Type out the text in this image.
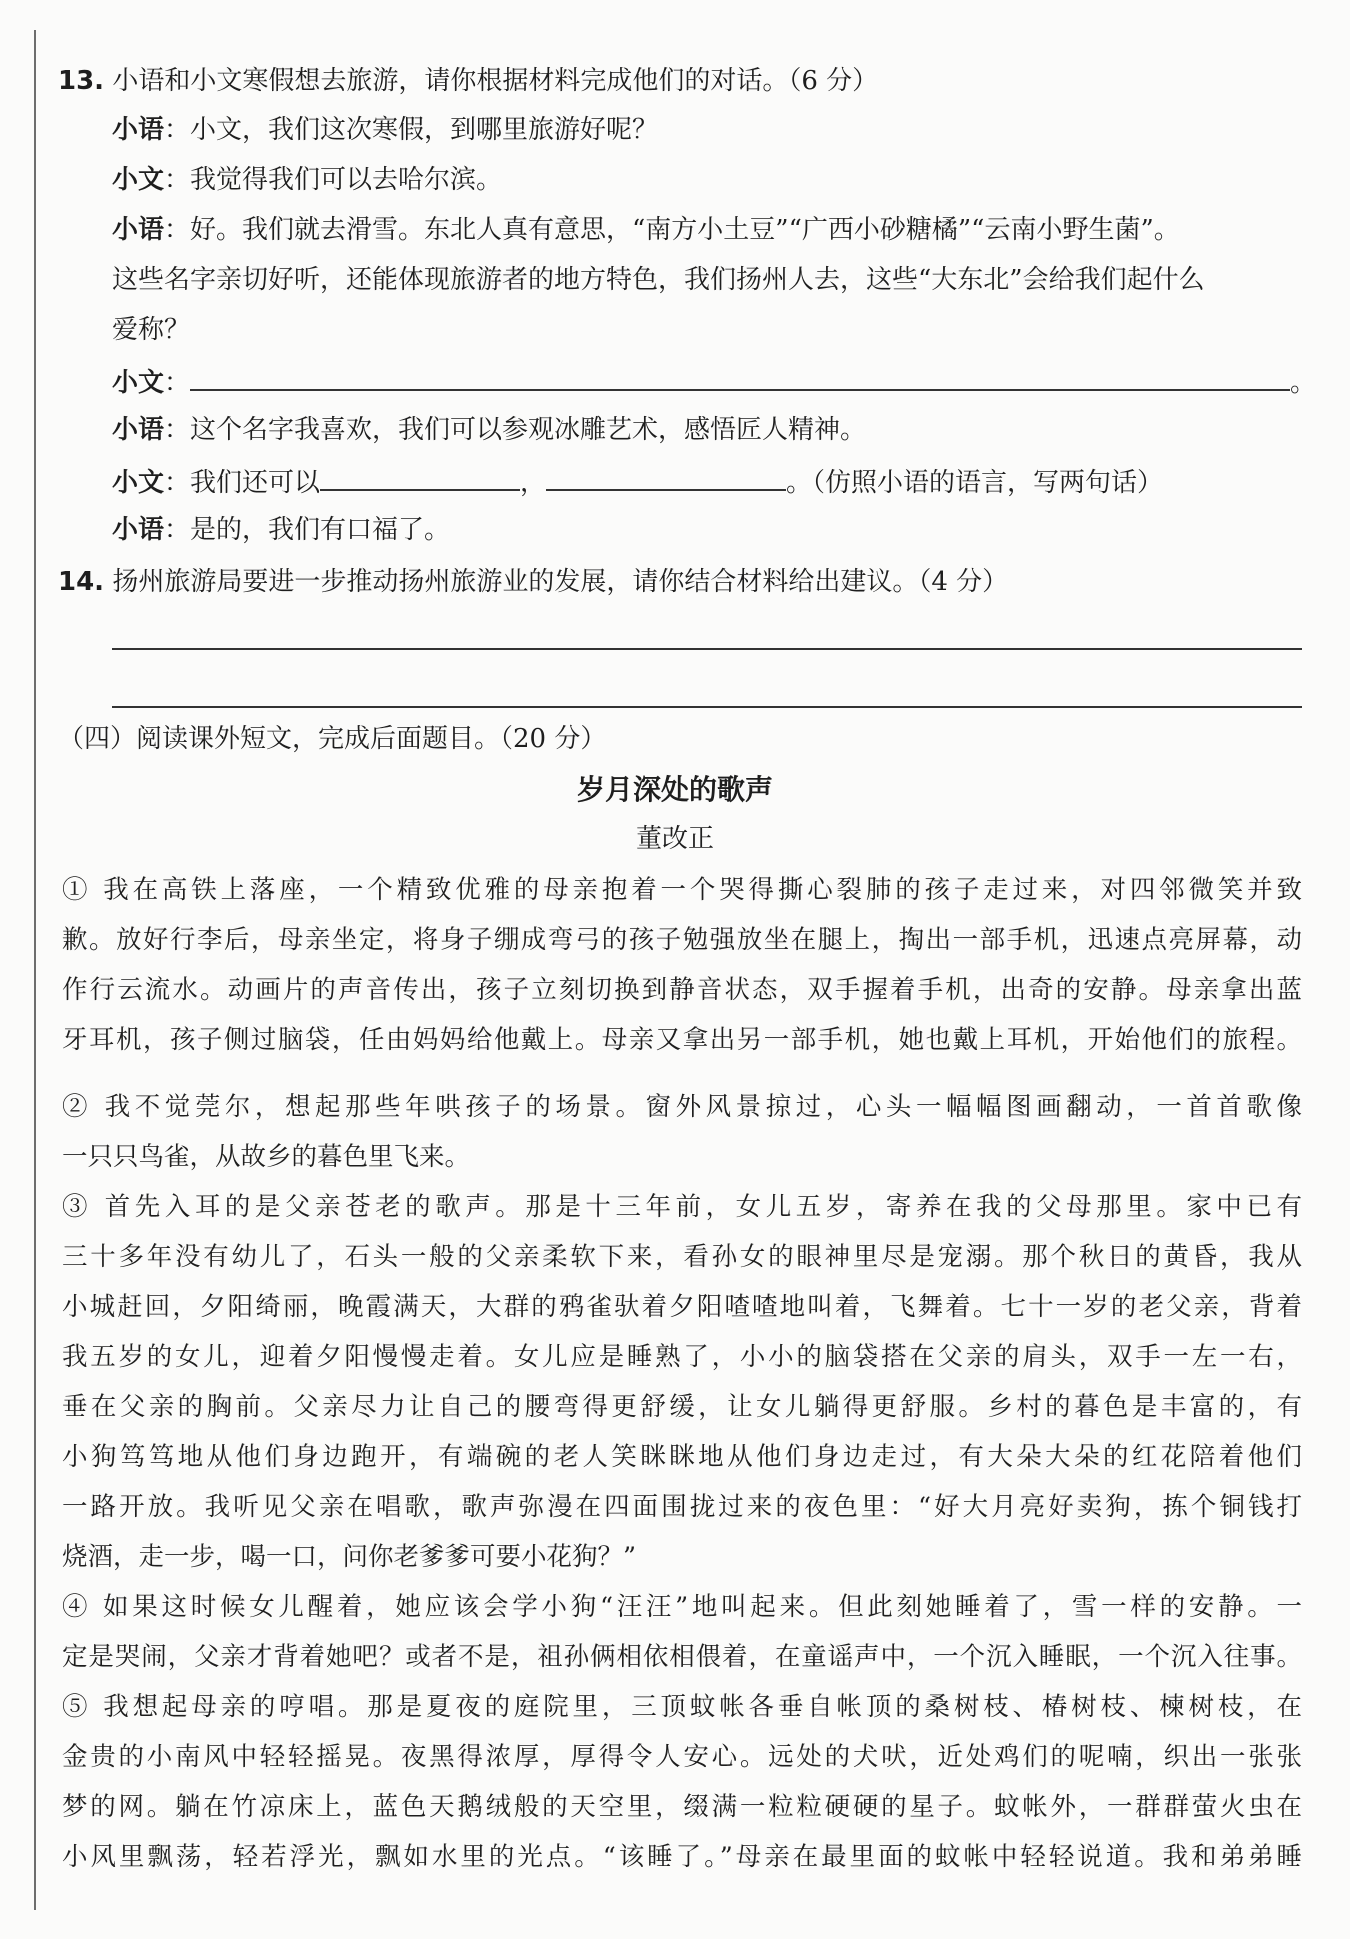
13. 小语和小文寒假想去旅游，请你根据材料完成他们的对话。（6 分）
小语：小文，我们这次寒假，到哪里旅游好呢？
小文：我觉得我们可以去哈尔滨。
小语：好。我们就去滑雪。东北人真有意思，“南方小土豆”“广西小砂糖橘”“云南小野生菌”。
这些名字亲切好听，还能体现旅游者的地方特色，我们扬州人去，这些“大东北”会给我们起什么
爱称？
小文：	。
小语：这个名字我喜欢，我们可以参观冰雕艺术，感悟匠人精神。
小文：我们还可以	，	。（仿照小语的语言，写两句话）
小语：是的，我们有口福了。
14. 扬州旅游局要进一步推动扬州旅游业的发展，请你结合材料给出建议。（4 分）
（四）阅读课外短文，完成后面题目。（20 分）
岁月深处的歌声
董改正
① 我在高铁上落座，一个精致优雅的母亲抱着一个哭得撕心裂肺的孩子走过来，对四邻微笑并致
歉。放好行李后，母亲坐定，将身子绷成弯弓的孩子勉强放坐在腿上，掏出一部手机，迅速点亮屏幕，动
作行云流水。动画片的声音传出，孩子立刻切换到静音状态，双手握着手机，出奇的安静。母亲拿出蓝
牙耳机，孩子侧过脑袋，任由妈妈给他戴上。母亲又拿出另一部手机，她也戴上耳机，开始他们的旅程。
② 我不觉莞尔，想起那些年哄孩子的场景。窗外风景掠过，心头一幅幅图画翻动，一首首歌像
一只只鸟雀，从故乡的暮色里飞来。
③ 首先入耳的是父亲苍老的歌声。那是十三年前，女儿五岁，寄养在我的父母那里。家中已有
三十多年没有幼儿了，石头一般的父亲柔软下来，看孙女的眼神里尽是宠溺。那个秋日的黄昏，我从
小城赶回，夕阳绮丽，晚霞满天，大群的鸦雀驮着夕阳喳喳地叫着，飞舞着。七十一岁的老父亲，背着
我五岁的女儿，迎着夕阳慢慢走着。女儿应是睡熟了，小小的脑袋搭在父亲的肩头，双手一左一右，
垂在父亲的胸前。父亲尽力让自己的腰弯得更舒缓，让女儿躺得更舒服。乡村的暮色是丰富的，有
小狗笃笃地从他们身边跑开，有端碗的老人笑眯眯地从他们身边走过，有大朵大朵的红花陪着他们
一路开放。我听见父亲在唱歌，歌声弥漫在四面围拢过来的夜色里：“好大月亮好卖狗，拣个铜钱打
烧酒，走一步，喝一口，问你老爹爹可要小花狗？”
④ 如果这时候女儿醒着，她应该会学小狗“汪汪”地叫起来。但此刻她睡着了，雪一样的安静。一
定是哭闹，父亲才背着她吧？或者不是，祖孙俩相依相偎着，在童谣声中，一个沉入睡眠，一个沉入往事。
⑤ 我想起母亲的哼唱。那是夏夜的庭院里，三顶蚊帐各垂自帐顶的桑树枝、椿树枝、楝树枝，在
金贵的小南风中轻轻摇晃。夜黑得浓厚，厚得令人安心。远处的犬吠，近处鸡们的呢喃，织出一张张
梦的网。躺在竹凉床上，蓝色天鹅绒般的天空里，缀满一粒粒硬硬的星子。蚊帐外，一群群萤火虫在
小风里飘荡，轻若浮光，飘如水里的光点。“该睡了。”母亲在最里面的蚊帐中轻轻说道。我和弟弟睡
